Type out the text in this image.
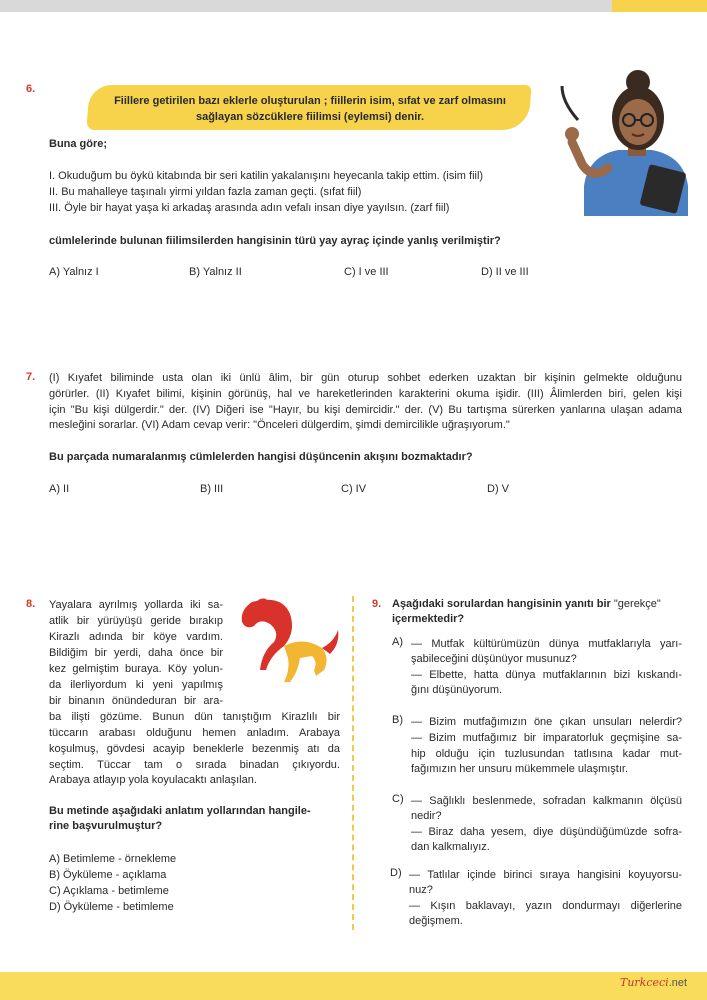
6.
Fiillere getirilen bazı eklerle oluşturulan ; fiillerin isim, sıfat ve zarf olmasını
sağlayan sözcüklere fiilimsi (eylemsi) denir.
Buna göre;
I. Okuduğum bu öykü kitabında bir seri katilin yakalanışını heyecanla takip ettim. (isim fiil)
II. Bu mahalleye taşınalı yirmi yıldan fazla zaman geçti. (sıfat fiil)
III. Öyle bir hayat yaşa ki arkadaş arasında adın vefalı insan diye yayılsın. (zarf fiil)
cümlelerinde bulunan fiilimsilerden hangisinin türü yay ayraç içinde yanlış verilmiştir?
A) Yalnız I	B) Yalnız II	C) I ve III	D) II ve III
7. (I) Kıyafet biliminde usta olan iki ünlü âlim, bir gün oturup sohbet ederken uzaktan bir kişinin gelmekte olduğunu
görürler. (II) Kıyafet bilimi, kişinin görünüş, hal ve hareketlerinden karakterini okuma işidir. (III) Âlimlerden biri, gelen kişi
için "Bu kişi dülgerdir." der. (IV) Diğeri ise "Hayır, bu kişi demircidir." der. (V) Bu tartışma sürerken yanlarına ulaşan adama
mesleğini sorarlar. (VI) Adam cevap verir: "Önceleri dülgerdim, şimdi demircilikle uğraşıyorum."
Bu parçada numaralanmış cümlelerden hangisi düşüncenin akışını bozmaktadır?
A) II	B) III	C) IV	D) V
8. Yayalara ayrılmış yollarda iki sa-
atlik bir yürüyüşü geride bırakıp
Kirazlı adında bir köye vardım.
Bildiğim bir yerdi, daha önce bir
kez gelmiştim buraya. Köy yolun-
da ilerliyordum ki yeni yapılmış
bir binanın önündeduran bir ara-
ba ilişti gözüme. Bunun dün tanıştığım Kirazlılı bir
tüccarın arabası olduğunu hemen anladım. Arabaya
koşulmuş, gövdesi acayip beneklerle bezenmiş atı da
seçtim. Tüccar tam o sırada binadan çıkıyordu.
Arabaya atlayıp yola koyulacaktı anlaşılan.
Bu metinde aşağıdaki anlatım yollarından hangile-
rine başvurulmuştur?
A) Betimleme - örnekleme
B) Öyküleme - açıklama
C) Açıklama - betimleme
D) Öyküleme - betimleme
9. Aşağıdaki sorulardan hangisinin yanıtı bir "gerekçe"
içermektedir?
A) — Mutfak kültürümüzün dünya mutfaklarıyla yarı-
şabileceğini düşünüyor musunuz?
— Elbette, hatta dünya mutfaklarının bizi kıskandı-
ğını düşünüyorum.
B) — Bizim mutfağımızın öne çıkan unsuları nelerdir?
— Bizim mutfağımız bir imparatorluk geçmişine sa-
hip olduğu için tuzlusundan tatlısına kadar mut-
fağımızın her unsuru mükemmele ulaşmıştır.
C) — Sağlıklı beslenmede, sofradan kalkmanın ölçüsü
nedir?
— Biraz daha yesem, diye düşündüğümüzde sofra-
dan kalkmalıyız.
D) — Tatlılar içinde birinci sıraya hangisini koyuyorsu-
nuz?
— Kışın baklavayı, yazın dondurmayı diğerlerine
değişmem.
Turkceci.net
